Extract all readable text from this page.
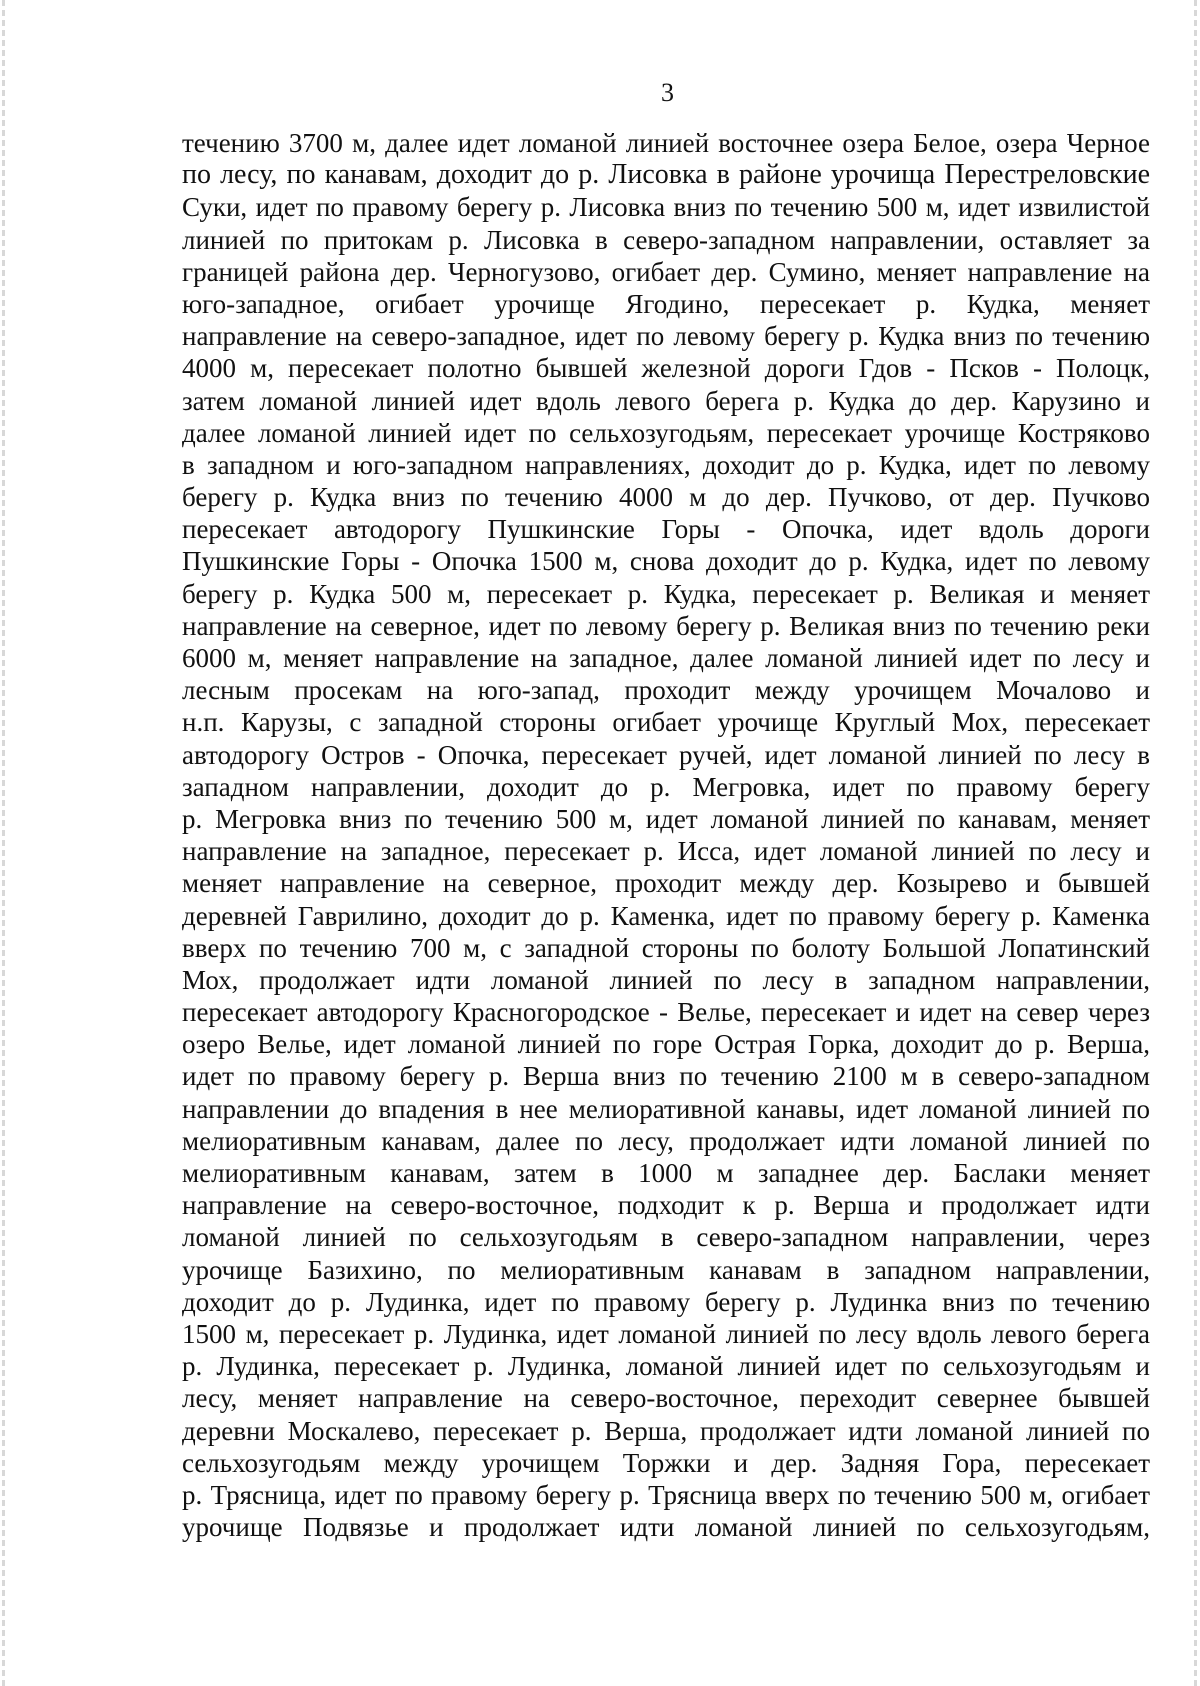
3
течению 3700 м, далее идет ломаной линией восточнее озера Белое, озера Черное
по лесу, по канавам, доходит до р. Лисовка в районе урочища Перестреловские
Суки, идет по правому берегу р. Лисовка вниз по течению 500 м, идет извилистой
линией по притокам р. Лисовка в северо-западном направлении, оставляет за
границей района дер. Черногузово, огибает дер. Сумино, меняет направление на
юго-западное, огибает урочище Ягодино, пересекает р. Кудка, меняет
направление на северо-западное, идет по левому берегу р. Кудка вниз по течению
4000 м, пересекает полотно бывшей железной дороги Гдов - Псков - Полоцк,
затем ломаной линией идет вдоль левого берега р. Кудка до дер. Карузино и
далее ломаной линией идет по сельхозугодьям, пересекает урочище Костряково
в западном и юго-западном направлениях, доходит до р. Кудка, идет по левому
берегу р. Кудка вниз по течению 4000 м до дер. Пучково, от дер. Пучково
пересекает автодорогу Пушкинские Горы - Опочка, идет вдоль дороги
Пушкинские Горы - Опочка 1500 м, снова доходит до р. Кудка, идет по левому
берегу р. Кудка 500 м, пересекает р. Кудка, пересекает р. Великая и меняет
направление на северное, идет по левому берегу р. Великая вниз по течению реки
6000 м, меняет направление на западное, далее ломаной линией идет по лесу и
лесным просекам на юго-запад, проходит между урочищем Мочалово и
н.п. Карузы, с западной стороны огибает урочище Круглый Мох, пересекает
автодорогу Остров - Опочка, пересекает ручей, идет ломаной линией по лесу в
западном направлении, доходит до р. Мегровка, идет по правому берегу
р. Мегровка вниз по течению 500 м, идет ломаной линией по канавам, меняет
направление на западное, пересекает р. Исса, идет ломаной линией по лесу и
меняет направление на северное, проходит между дер. Козырево и бывшей
деревней Гаврилино, доходит до р. Каменка, идет по правому берегу р. Каменка
вверх по течению 700 м, с западной стороны по болоту Большой Лопатинский
Мох, продолжает идти ломаной линией по лесу в западном направлении,
пересекает автодорогу Красногородское - Велье, пересекает и идет на север через
озеро Велье, идет ломаной линией по горе Острая Горка, доходит до р. Верша,
идет по правому берегу р. Верша вниз по течению 2100 м в северо-западном
направлении до впадения в нее мелиоративной канавы, идет ломаной линией по
мелиоративным канавам, далее по лесу, продолжает идти ломаной линией по
мелиоративным канавам, затем в 1000 м западнее дер. Баслаки меняет
направление на северо-восточное, подходит к р. Верша и продолжает идти
ломаной линией по сельхозугодьям в северо-западном направлении, через
урочище Базихино, по мелиоративным канавам в западном направлении,
доходит до р. Лудинка, идет по правому берегу р. Лудинка вниз по течению
1500 м, пересекает р. Лудинка, идет ломаной линией по лесу вдоль левого берега
р. Лудинка, пересекает р. Лудинка, ломаной линией идет по сельхозугодьям и
лесу, меняет направление на северо-восточное, переходит севернее бывшей
деревни Москалево, пересекает р. Верша, продолжает идти ломаной линией по
сельхозугодьям между урочищем Торжки и дер. Задняя Гора, пересекает
р. Трясница, идет по правому берегу р. Трясница вверх по течению 500 м, огибает
урочище Подвязье и продолжает идти ломаной линией по сельхозугодьям,
